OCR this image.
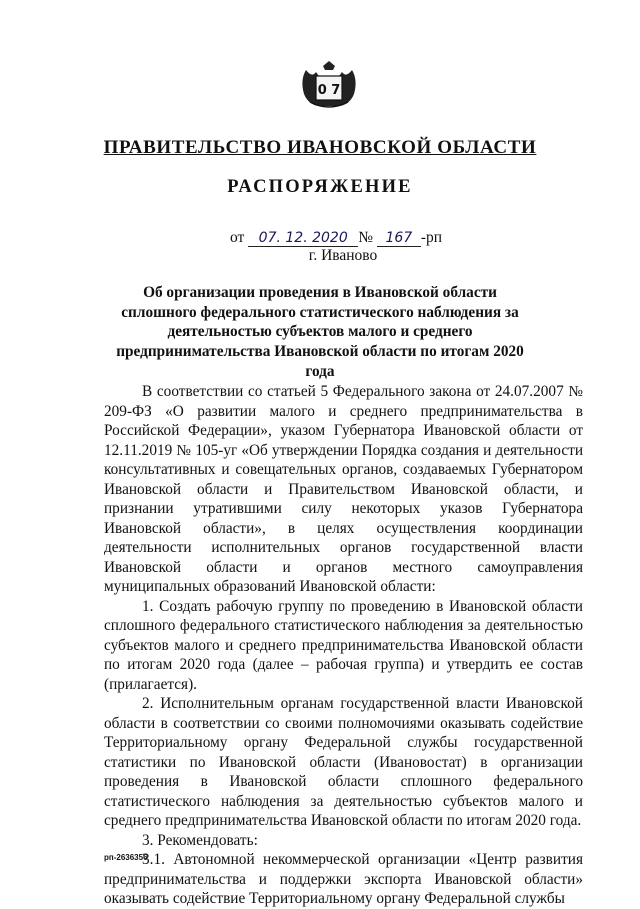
0 7
ПРАВИТЕЛЬСТВО ИВАНОВСКОЙ ОБЛАСТИ
РАСПОРЯЖЕНИЕ
от 07. 12. 2020 № 167 -рп
г. Иваново
Об организации проведения в Ивановской области сплошного федерального статистического наблюдения за деятельностью субъектов малого и среднего предпринимательства Ивановской области по итогам 2020 года

В соответствии со статьей 5 Федерального закона от 24.07.2007 № 209-ФЗ «О развитии малого и среднего предпринимательства в Российской Федерации», указом Губернатора Ивановской области от 12.11.2019 № 105-уг «Об утверждении Порядка создания и деятельности консультативных и совещательных органов, создаваемых Губернатором Ивановской области и Правительством Ивановской области, и признании утратившими силу некоторых указов Губернатора Ивановской области», в целях осуществления координации деятельности исполнительных органов государственной власти Ивановской области и органов местного самоуправления муниципальных образований Ивановской области:

1. Создать рабочую группу по проведению в Ивановской области сплошного федерального статистического наблюдения за деятельностью субъектов малого и среднего предпринимательства Ивановской области по итогам 2020 года (далее – рабочая группа) и утвердить ее состав (прилагается).

2. Исполнительным органам государственной власти Ивановской области в соответствии со своими полномочиями оказывать содействие Территориальному органу Федеральной службы государственной статистики по Ивановской области (Ивановостат) в организации проведения в Ивановской области сплошного федерального статистического наблюдения за деятельностью субъектов малого и среднего предпринимательства Ивановской области по итогам 2020 года.

3. Рекомендовать:

3.1. Автономной некоммерческой организации «Центр развития предпринимательства и поддержки экспорта Ивановской области» оказывать содействие Территориальному органу Федеральной службы

рп-2636356
